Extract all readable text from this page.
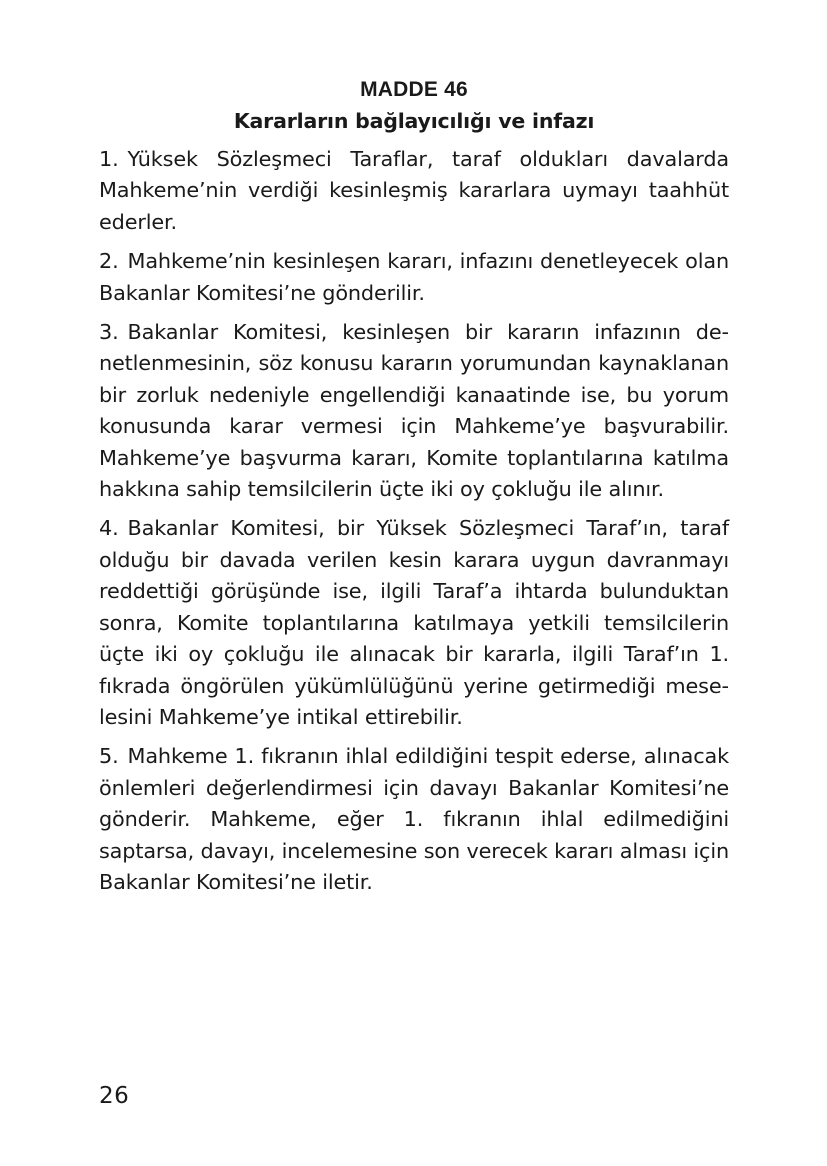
MADDE 46
Kararların bağlayıcılığı ve infazı

1. Yüksek Sözleşmeci Taraflar, taraf oldukları davalarda Mahkeme’nin verdiği kesinleşmiş kararlara uymayı taahhüt ederler.

2. Mahkeme’nin kesinleşen kararı, infazını denetleyecek olan Bakanlar Komitesi’ne gönderilir.

3. Bakanlar Komitesi, kesinleşen bir kararın infazının denetlenmesinin, söz konusu kararın yorumundan kaynaklanan bir zorluk nedeniyle engellendiği kanaatinde ise, bu yorum konusunda karar vermesi için Mahkeme’ye başvurabilir. Mahkeme’ye başvurma kararı, Komite toplantılarına katılma hakkına sahip temsilcilerin üçte iki oy çokluğu ile alınır.

4. Bakanlar Komitesi, bir Yüksek Sözleşmeci Taraf’ın, taraf olduğu bir davada verilen kesin karara uygun davranmayı reddettiği görüşünde ise, ilgili Taraf’a ihtarda bulunduktan sonra, Komite toplantılarına katılmaya yetkili temsilcilerin üçte iki oy çokluğu ile alınacak bir kararla, ilgili Taraf’ın 1. fıkrada öngörülen yükümlülüğünü yerine getirmediği meselesini Mahkeme’ye intikal ettirebilir.

5. Mahkeme 1. fıkranın ihlal edildiğini tespit ederse, alınacak önlemleri değerlendirmesi için davayı Bakanlar Komitesi’ne gönderir. Mahkeme, eğer 1. fıkranın ihlal edilmediğini saptarsa, davayı, incelemesine son verecek kararı alması için Bakanlar Komitesi’ne iletir.

26
